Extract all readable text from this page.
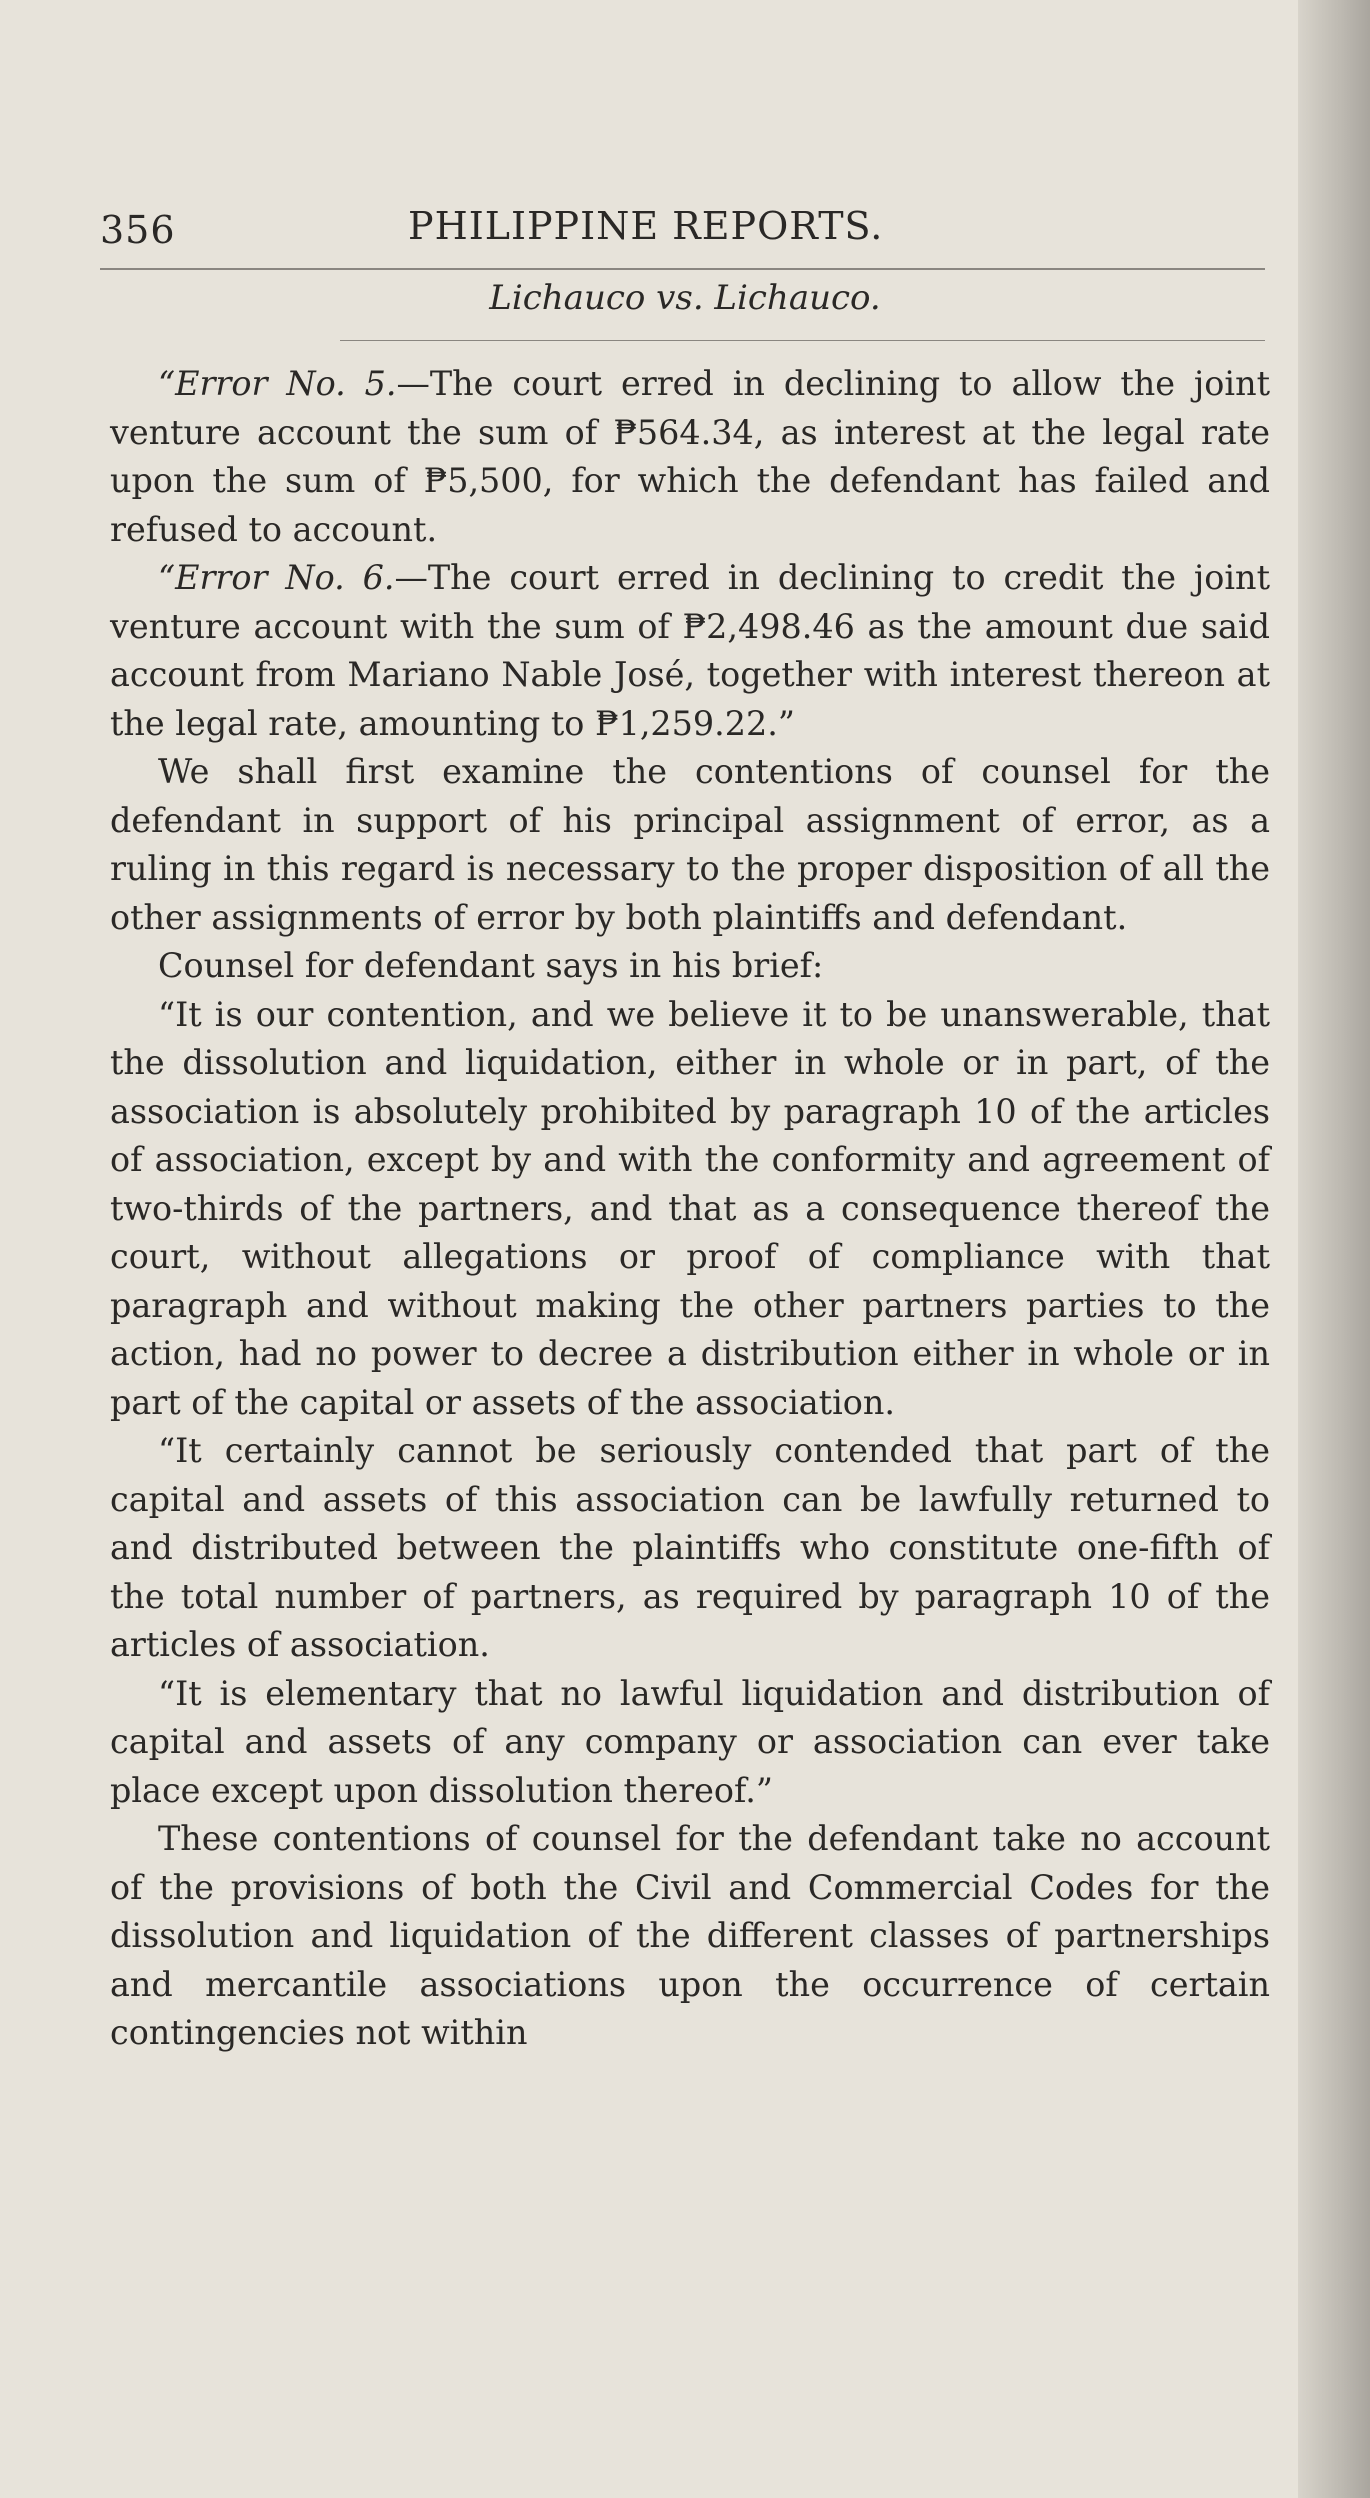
356	PHILIPPINE REPORTS.
Lichauco vs. Lichauco.

“Error No. 5.—The court erred in declining to allow the joint venture account the sum of ₱564.34, as interest at the legal rate upon the sum of ₱5,500, for which the defendant has failed and refused to account.

“Error No. 6.—The court erred in declining to credit the joint venture account with the sum of ₱2,498.46 as the amount due said account from Mariano Nable José, together with interest thereon at the legal rate, amounting to ₱1,259.22.”

We shall first examine the contentions of counsel for the defendant in support of his principal assignment of error, as a ruling in this regard is necessary to the proper disposition of all the other assignments of error by both plaintiffs and defendant.

Counsel for defendant says in his brief:

“It is our contention, and we believe it to be unanswerable, that the dissolution and liquidation, either in whole or in part, of the association is absolutely prohibited by paragraph 10 of the articles of association, except by and with the conformity and agreement of two-thirds of the partners, and that as a consequence thereof the court, without allegations or proof of compliance with that paragraph and without making the other partners parties to the action, had no power to decree a distribution either in whole or in part of the capital or assets of the association.

“It certainly cannot be seriously contended that part of the capital and assets of this association can be lawfully returned to and distributed between the plaintiffs who constitute one-fifth of the total number of partners, as required by paragraph 10 of the articles of association.

“It is elementary that no lawful liquidation and distribution of capital and assets of any company or association can ever take place except upon dissolution thereof.”

These contentions of counsel for the defendant take no account of the provisions of both the Civil and Commercial Codes for the dissolution and liquidation of the different classes of partnerships and mercantile associations upon the occurrence of certain contingencies not within
